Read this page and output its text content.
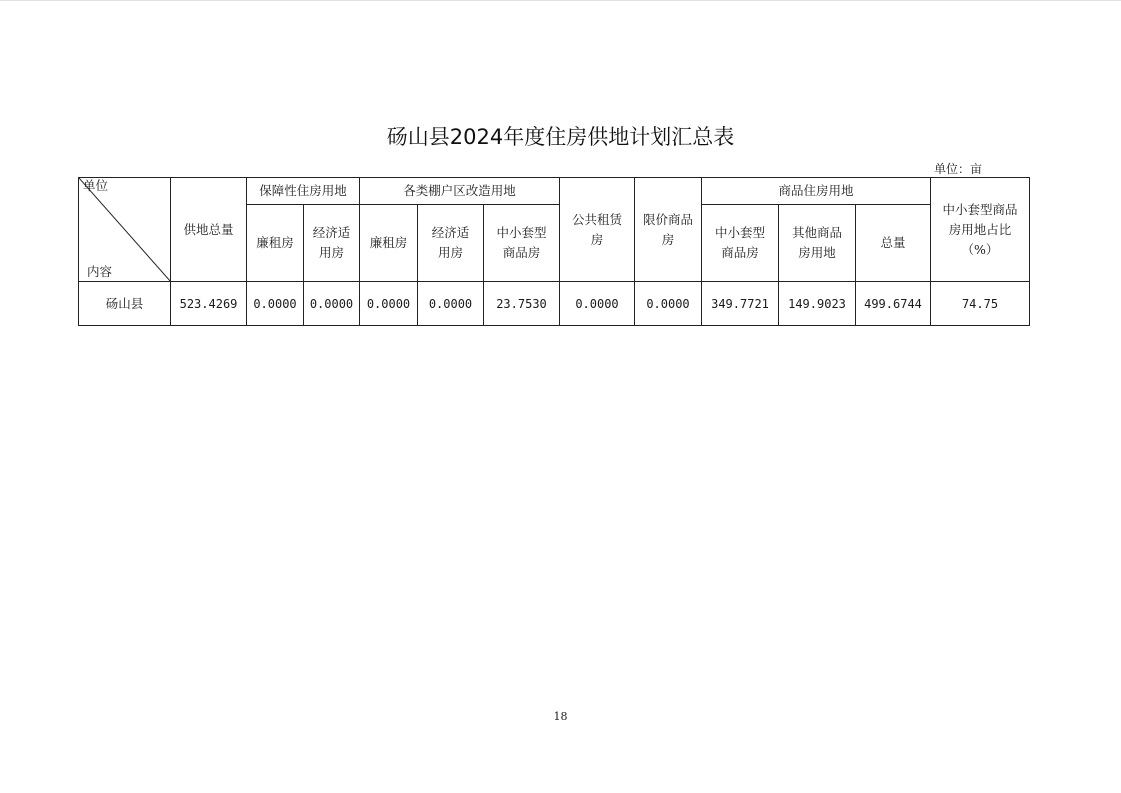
砀山县2024年度住房供地计划汇总表
单位：亩
单位
内容	供地总量	保障性住房用地		各类棚户区改造用地			公共租赁房	限价商品房	商品住房用地			中小套型商品房用地占比（%）

		廉租房	经济适用房	廉租房	经济适用房	中小套型商品房			中小套型商品房	其他商品房用地	总量	
砀山县	523.4269	0.0000	0.0000	0.0000	0.0000	23.7530	0.0000	0.0000	349.7721	149.9023	499.6744	74.75
18
